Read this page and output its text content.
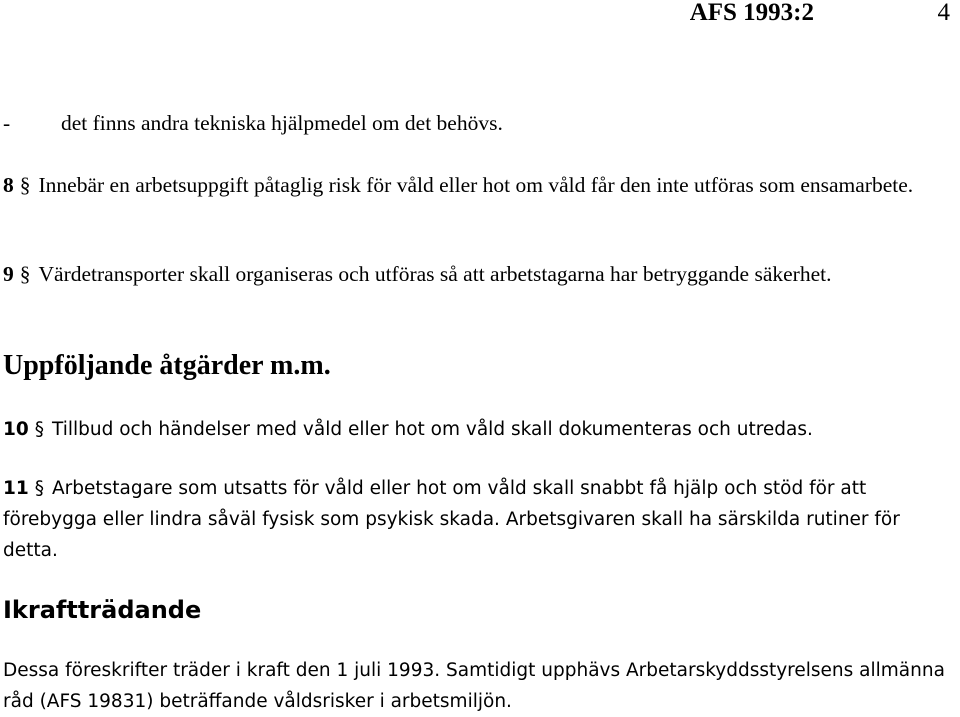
AFS 1993:2	4
- det finns andra tekniska hjälpmedel om det behövs.

8 § Innebär en arbetsuppgift påtaglig risk för våld eller hot om våld får den inte utföras som ensamarbete.

9 § Värdetransporter skall organiseras och utföras så att arbetstagarna har betryggande säkerhet.

Uppföljande åtgärder m.m.

10 § Tillbud och händelser med våld eller hot om våld skall dokumenteras och utredas.

11 § Arbetstagare som utsatts för våld eller hot om våld skall snabbt få hjälp och stöd för att förebygga eller lindra såväl fysisk som psykisk skada. Arbetsgivaren skall ha särskilda rutiner för detta.

Ikraftträdande

Dessa föreskrifter träder i kraft den 1 juli 1993. Samtidigt upphävs Arbetarskyddsstyrelsens allmänna råd (AFS 19831) beträffande våldsrisker i arbetsmiljön.
